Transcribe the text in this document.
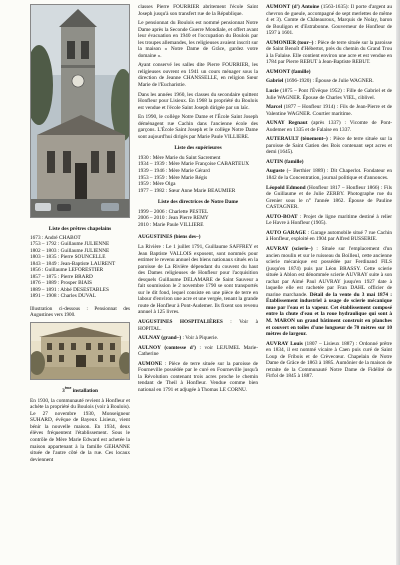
Liste des prêtres chapelains
1673 : André CHABOT
1753 – 1792 : Guillaume JULIENNE
1802 – 1803 : Guillaume JULIENNE
1803 – 1835 : Pierre SOUNCELLE
1843 – 1849 : Jean-Baptiste LAURENT
1856 : Guillaume LEFORESTIER
1857 – 1875 : Pierre BRARD
1876 – 1889 : Prosper BIAIS
1889 – 1891 : Abbé DESESTABLES
1891 – 1908 : Charles DUVAL
Illustration ci-dessous : Pensionnat des Augustines vers 1900.
3ème installation

En 1930, la communauté revient à Honfleur et achète la propriété du Boulois (voir à Boulois). Le 27 novembre 1930, Monseigneur SUHARD, évêque de Bayeux Lisieux, vient bénir la nouvelle maison. En 1934, deux élèves fréquentent l'établissement. Sous le contrôle de Mère Marie Edward est achetée la maison appartenant à la famille GEHANNE située de l'autre côté de la rue. Ces locaux deviennent

classes Pierre FOURRIER abritement l'école Saint Joseph jusqu'à son transfert rue de la République.

Le pensionnat du Boulois est nommé pensionnat Notre Dame après la Seconde Guerre Mondiale, et offert avant leur évacuation en 1940 et l'occupation du Boulois par les troupes allemandes, les religieuses avaient inscrit sur la maison « Notre Dame de Grâce, gardez votre domaine ».

Ayant conservé les salles dite Pierre FOURRIER, les religieuses ouvrent en 1941 un cours ménager sous la direction de Jeanne CHANSSELLE, en religion Sœur Marie de l'Eucharistie.

Dans les années 1960, les classes du secondaire quittent Honfleur pour Lisieux. En 1968 la propriété du Boulois est vendue et l'école Saint Joseph dirigée par un laïc.

En 1990, le collège Notre Dame et l'École Saint Joseph déménagent rue Cachin dans l'ancienne école des garçons. L'École Saint Joseph et le collège Notre Dame sont aujourd'hui dirigés par Marie Paule VILLIERE.

Liste des supérieures
1930 : Mère Marie du Saint Sacrement
1934 – 1939 : Mère Marie Françoise CABARTEUX
1939 – 1946 : Mère Marie Gérard
1953 – 1959 : Mère Marie Régis
1959 : Mère Olga
1977 – 1982 : Sœur Anne Marie BEAUMIER
Liste des directrices de Notre Dame
1999 – 2006 : Charlette PESTEL
2006 – 2010 : Jean Pierre REMY
2010 : Marie Paule VILLIERE

AUGUSTINES (biens des~)

La Rivière : Le 1 juillet 1791, Guillaume SAFFREY et Jean Baptiste VALLOIS exposent, sont nommés pour estimer le revenu annuel des biens nationaux situés en la paroisse de La Rivière dépendant du couvent du haut des Dames religieuses de Honfleur pour l'acquisition desquels Guillaume DELAMARE de Saint Sauveur a fait soumission le 2 novembre 1790 se sont transportés sur le dit fond, lequel consiste en une pièce de terre en labour d'environ une acre et une vergée, tenant la grande route de Honfleur à Pont-Audemer. Ils fixent son revenu annuel à 125 livres.

AUGUSTINES HOSPITALIÈRES : Voir à HOPITAL.

AULNAY (grand~) : Voir à Piquerie.

AULNOY (comtesse d') : voir LEJUMEL Marie-Catherine

AUMONE : Pièce de terre située sur la paroisse de Fourneville possédée par le curé en Fourneville jusqu'à la Révolution contenant trois acres proche le chemin tendant de Theil à Honfleur. Vendue comme bien national en 1791 et adjugée à Thomas LE CORNU.

AUMONT (d') Antoine (1563-1635): Il porte d'argent au chevron de gueule, accompagné de sept merlettes de même 4 et 3). Comte de Châteauroux, Marquis de Nolay, baron de Bouligon et d'Estrabonne. Gouverneur de Honfleur de 1597 à 1601.

AUMONIER (tour~) : Pièce de terre située sur la paroisse de Saint Benoît d'Hébertot, près du chemin du Grand Trou à la Falaise. Elle contient environ une acre et est vendue en 1784 par Pierre REBUT à Jean-Baptiste REBUT.

AUMONT (famille)

Gabriel (1696-1920) : Épouse de Julie WAGNER.

Lucie (1875 – Pont l'Évêque 1952) : Fille de Gabriel et de Julie WAGNER. Épouse de Charles VIEL, ciblivel.

Marcel (1877 – Honfleur 1914) : Fils de Jean-Pierre et de Valentine WAGNER. Courtier maritime.

AUNAY Regnaut (après 1337) : Vicomte de Pont-Audemer en 1335 et de Falaise en 1337.

AUTERAULT (tènement~) : Pièce de terre située sur la paroisse de Saint Gatien des Bois contenant sept acres et demi (1645).

AUTIN (famille)

Auguste (~ Berthier 1889) : Dit Chaperlot. Fondateur en 1842 de la Concentration, journal politique et d'annonces.

Léopold Edmond (Honfleur 1817 – Honfleur 1866) : Fils de Guillaume et de Julie ZERBY. Photographe rue du Grenier sous le n° l'année 1862. Épouse de Pauline CASTAGNER.

AUTO-BOAT : Projet de ligne maritime destiné à relier Le Havre à Honfleur (1905).

AUTO GARAGE : Garage automobile situé 7 rue Cachin à Honfleur, exploité en 1904 par Alfred BUSSERIE.

AUVRAY (scierie~) : Située sur l'emplacement d'un ancien moulin et sur le ruisseau du Boilleul, cette ancienne scierie mécanique est possédée par Ferdinand FILS (jusqu'en 1874) puis par Léon BRASSY. Cette scierie située à Ablon est dénommée scierie AUVRAY suite à son rachat par Aimé Paul AUVRAY jusqu'en 1927 date à laquelle elle est rachetée par Fran DAHL officier de marine marchande. Détail de la vente du 3 mai 1874 : Établissement industriel à usage de scierie mécanique mue par l'eau et la vapeur. Cet établissement composé entre la chute d'eau et la roue hydraulique qui sont à M. MARON un grand bâtiment construit en planches et couvert en toiles d'une longueur de 70 mètres sur 10 mètres de largeur.

AUVRAY Louis (1807 – Lisieux 1887) : Ordonné prêtre en 1834, il est nommé vicaire à Caen puis curé de Saint Loup de Fribois et de Crèvecœur. Chapelain de Notre Dame de Grâce de 1863 à 1885. Aumônier de la maison de retraite de la Communauté Notre Dame de Fidélité de Firfol de 1845 à 1887.
